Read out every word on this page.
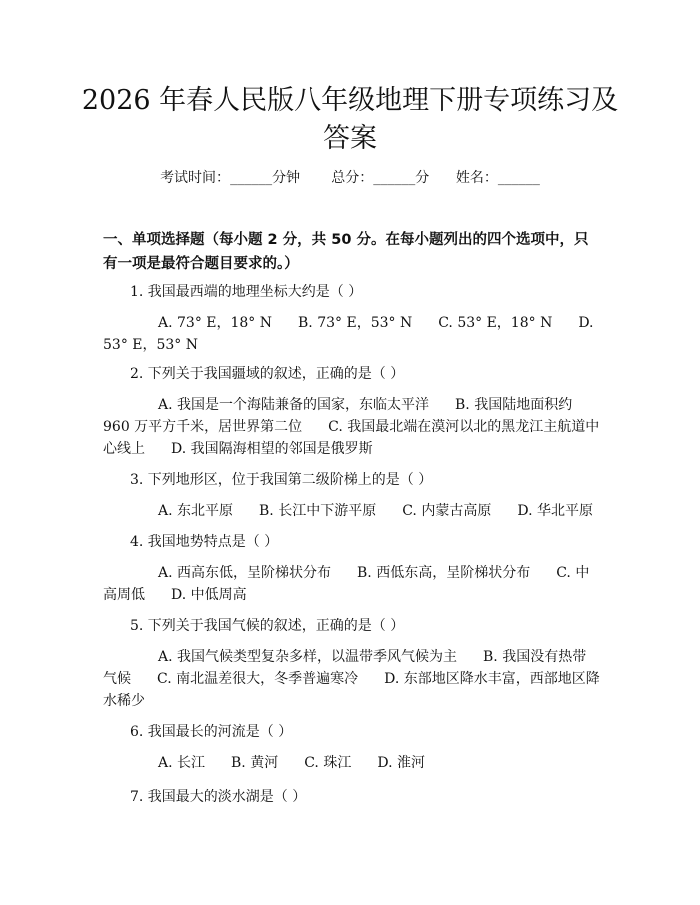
2026 年春人民版八年级地理下册专项练习及答案
考试时间：______分钟 总分：______分 姓名：______
一、单项选择题（每小题 2 分，共 50 分。在每小题列出的四个选项中，只有一项是最符合题目要求的。）
1. 我国最西端的地理坐标大约是（ ）
A. 73° E，18° N B. 73° E，53° N C. 53° E，18° N D. 53° E，53° N
2. 下列关于我国疆域的叙述，正确的是（ ）
A. 我国是一个海陆兼备的国家，东临太平洋 B. 我国陆地面积约 960 万平方千米，居世界第二位 C. 我国最北端在漠河以北的黑龙江主航道中心线上 D. 我国隔海相望的邻国是俄罗斯
3. 下列地形区，位于我国第二级阶梯上的是（ ）
A. 东北平原 B. 长江中下游平原 C. 内蒙古高原 D. 华北平原
4. 我国地势特点是（ ）
A. 西高东低，呈阶梯状分布 B. 西低东高，呈阶梯状分布 C. 中高周低 D. 中低周高
5. 下列关于我国气候的叙述，正确的是（ ）
A. 我国气候类型复杂多样，以温带季风气候为主 B. 我国没有热带气候 C. 南北温差很大，冬季普遍寒冷 D. 东部地区降水丰富，西部地区降水稀少
6. 我国最长的河流是（ ）
A. 长江 B. 黄河 C. 珠江 D. 淮河
7. 我国最大的淡水湖是（ ）
